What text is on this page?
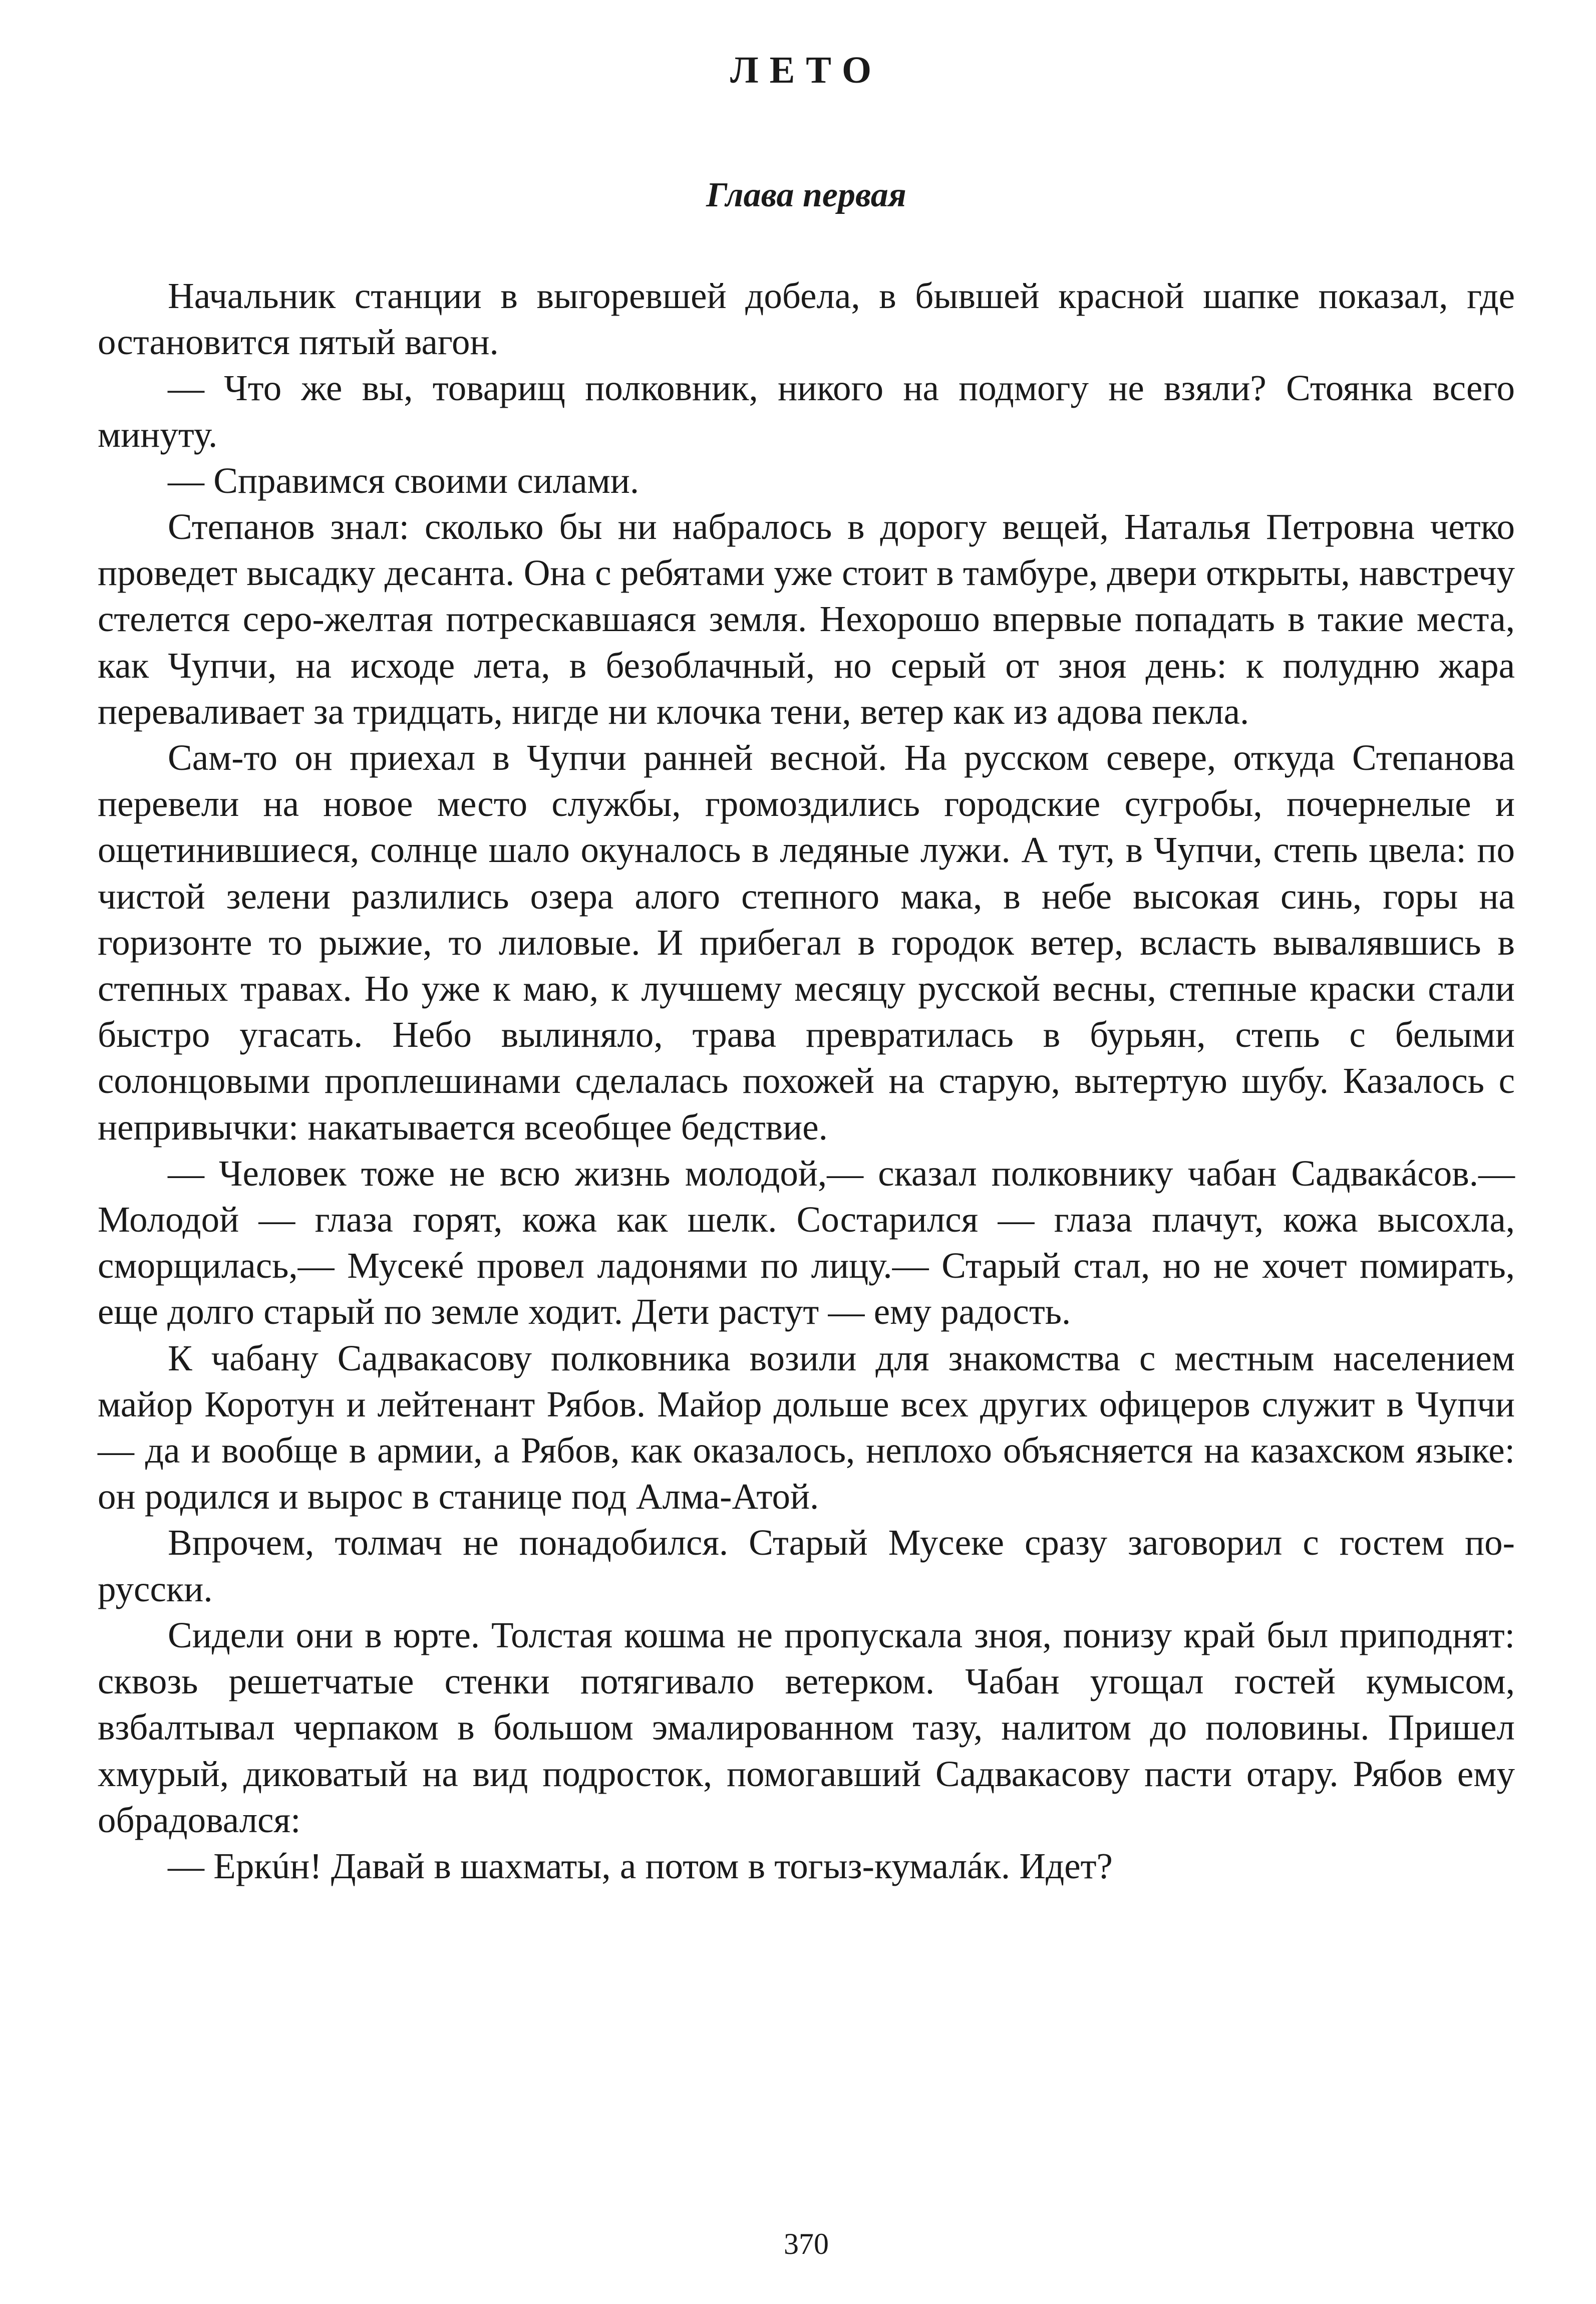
ЛЕТО
Глава первая

Начальник станции в выгоревшей добела, в бывшей красной шапке показал, где остановится пятый вагон.

— Что же вы, товарищ полковник, никого на подмогу не взяли? Стоянка всего минуту.

— Справимся своими силами.

Степанов знал: сколько бы ни набралось в дорогу вещей, Наталья Петровна четко проведет высадку десанта. Она с ребятами уже стоит в тамбуре, двери открыты, навстречу стелется серо-желтая потрескавшаяся земля. Нехорошо впервые попадать в такие места, как Чупчи, на исходе лета, в безоблачный, но серый от зноя день: к полудню жара переваливает за тридцать, нигде ни клочка тени, ветер как из адова пекла.

Сам-то он приехал в Чупчи ранней весной. На русском севере, откуда Степанова перевели на новое место службы, громоздились городские сугробы, почернелые и ощетинившиеся, солнце шало окуналось в ледяные лужи. А тут, в Чупчи, степь цвела: по чистой зелени разлились озера алого степного мака, в небе высокая синь, горы на горизонте то рыжие, то лиловые. И прибегал в городок ветер, всласть вывалявшись в степных травах. Но уже к маю, к лучшему месяцу русской весны, степные краски стали быстро угасать. Небо вылиняло, трава превратилась в бурьян, степь с белыми солонцовыми проплешинами сделалась похожей на старую, вытертую шубу. Казалось с непривычки: накатывается всеобщее бедствие.

— Человек тоже не всю жизнь молодой,— сказал полковнику чабан Садвакáсов.— Молодой — глаза горят, кожа как шелк. Состарился — глаза плачут, кожа высохла, сморщилась,— Мусекé провел ладонями по лицу.— Старый стал, но не хочет помирать, еще долго старый по земле ходит. Дети растут — ему радость.

К чабану Садвакасову полковника возили для знакомства с местным населением майор Коротун и лейтенант Рябов. Майор дольше всех других офицеров служит в Чупчи — да и вообще в армии, а Рябов, как оказалось, неплохо объясняется на казахском языке: он родился и вырос в станице под Алма-Атой.

Впрочем, толмач не понадобился. Старый Мусеке сразу заговорил с гостем по-русски.

Сидели они в юрте. Толстая кошма не пропускала зноя, понизу край был приподнят: сквозь решетчатые стенки потягивало ветерком. Чабан угощал гостей кумысом, взбалтывал черпаком в большом эмалированном тазу, налитом до половины. Пришел хмурый, диковатый на вид подросток, помогавший Садвакасову пасти отару. Рябов ему обрадовался:

— Еркúн! Давай в шахматы, а потом в тогыз-кумалáк. Идет?

370
